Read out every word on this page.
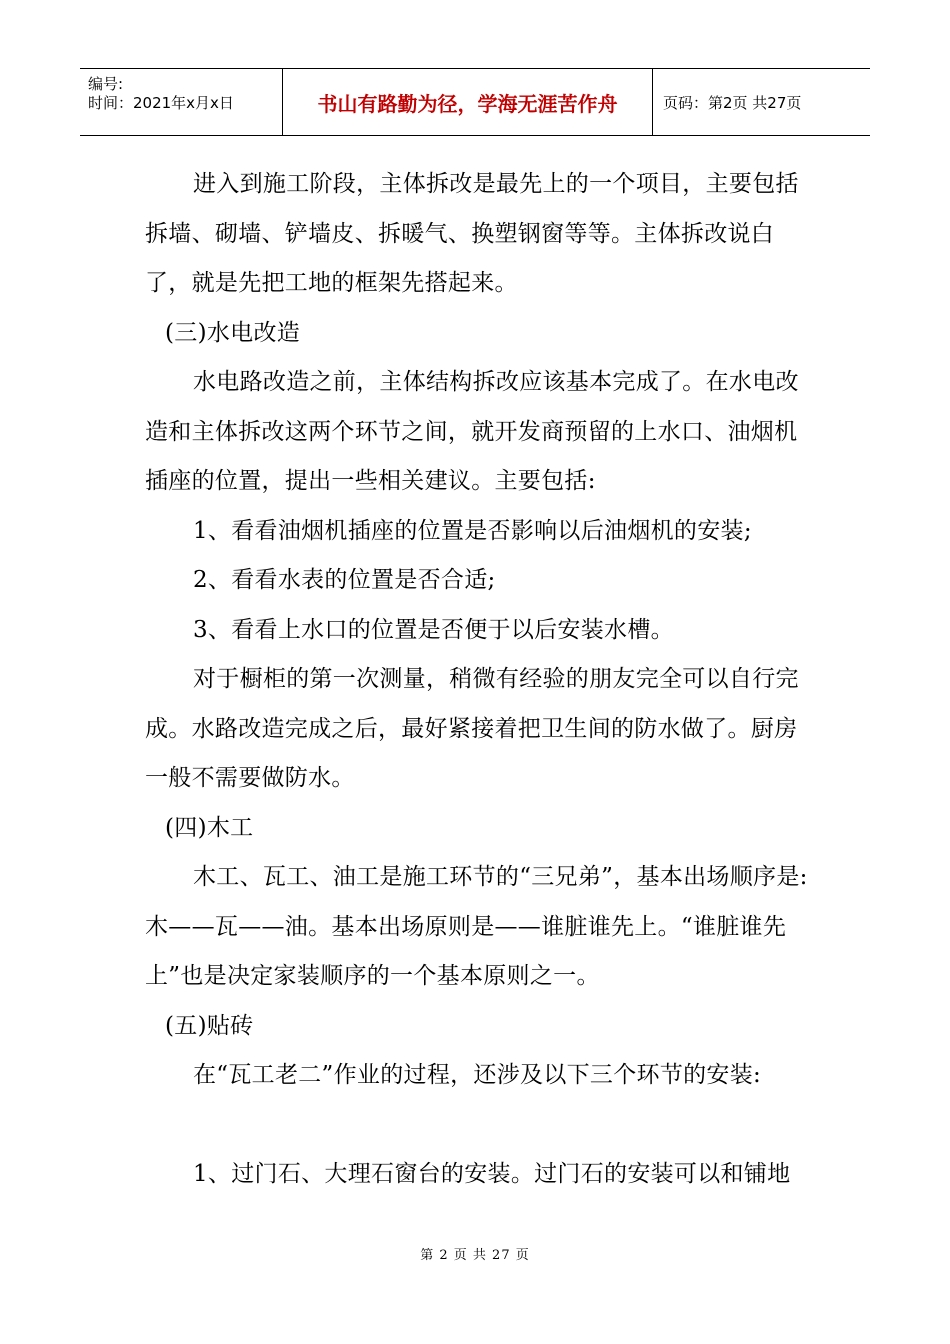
编号:
时间：2021年x月x日	书山有路勤为径，学海无涯苦作舟	页码：第2页 共27页

进入到施工阶段，主体拆改是最先上的一个项目，主要包括拆墙、砌墙、铲墙皮、拆暖气、换塑钢窗等等。主体拆改说白了，就是先把工地的框架先搭起来。

(三)水电改造

水电路改造之前，主体结构拆改应该基本完成了。在水电改造和主体拆改这两个环节之间，就开发商预留的上水口、油烟机插座的位置，提出一些相关建议。主要包括:

1、看看油烟机插座的位置是否影响以后油烟机的安装;

2、看看水表的位置是否合适;

3、看看上水口的位置是否便于以后安装水槽。

对于橱柜的第一次测量，稍微有经验的朋友完全可以自行完成。水路改造完成之后，最好紧接着把卫生间的防水做了。厨房一般不需要做防水。

(四)木工

木工、瓦工、油工是施工环节的“三兄弟”，基本出场顺序是: 木——瓦——油。基本出场原则是——谁脏谁先上。“谁脏谁先上”也是决定家装顺序的一个基本原则之一。

(五)贴砖

在“瓦工老二”作业的过程，还涉及以下三个环节的安装:

1、过门石、大理石窗台的安装。过门石的安装可以和铺地

第 2 页 共 27 页
